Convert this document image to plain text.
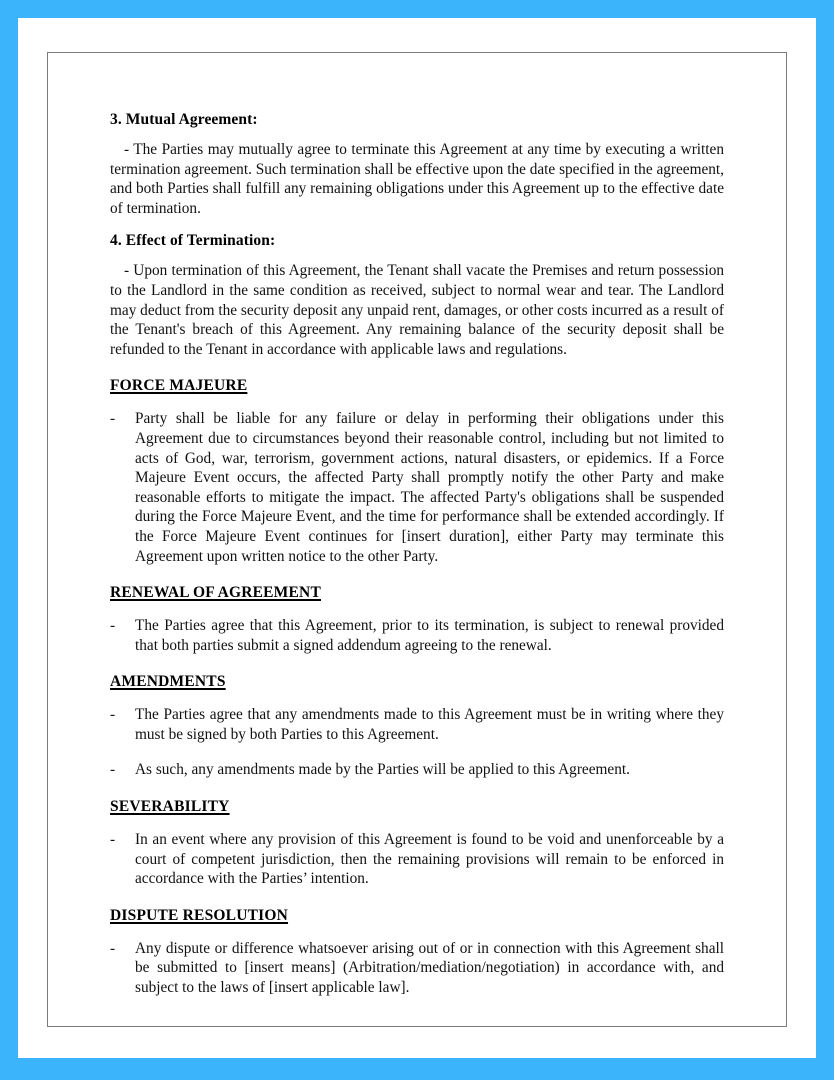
3. Mutual Agreement:

- The Parties may mutually agree to terminate this Agreement at any time by executing a written termination agreement. Such termination shall be effective upon the date specified in the agreement, and both Parties shall fulfill any remaining obligations under this Agreement up to the effective date of termination.

4. Effect of Termination:

- Upon termination of this Agreement, the Tenant shall vacate the Premises and return possession to the Landlord in the same condition as received, subject to normal wear and tear. The Landlord may deduct from the security deposit any unpaid rent, damages, or other costs incurred as a result of the Tenant's breach of this Agreement. Any remaining balance of the security deposit shall be refunded to the Tenant in accordance with applicable laws and regulations.

FORCE MAJEURE
-	Party shall be liable for any failure or delay in performing their obligations under this Agreement due to circumstances beyond their reasonable control, including but not limited to acts of God, war, terrorism, government actions, natural disasters, or epidemics. If a Force Majeure Event occurs, the affected Party shall promptly notify the other Party and make reasonable efforts to mitigate the impact. The affected Party's obligations shall be suspended during the Force Majeure Event, and the time for performance shall be extended accordingly. If the Force Majeure Event continues for [insert duration], either Party may terminate this Agreement upon written notice to the other Party.
RENEWAL OF AGREEMENT
-	The Parties agree that this Agreement, prior to its termination, is subject to renewal provided that both parties submit a signed addendum agreeing to the renewal.
AMENDMENTS
-	The Parties agree that any amendments made to this Agreement must be in writing where they must be signed by both Parties to this Agreement.
-	As such, any amendments made by the Parties will be applied to this Agreement.
SEVERABILITY
-	In an event where any provision of this Agreement is found to be void and unenforceable by a court of competent jurisdiction, then the remaining provisions will remain to be enforced in accordance with the Parties’ intention.
DISPUTE RESOLUTION
-	Any dispute or difference whatsoever arising out of or in connection with this Agreement shall be submitted to [insert means] (Arbitration/mediation/negotiation) in accordance with, and subject to the laws of [insert applicable law].
